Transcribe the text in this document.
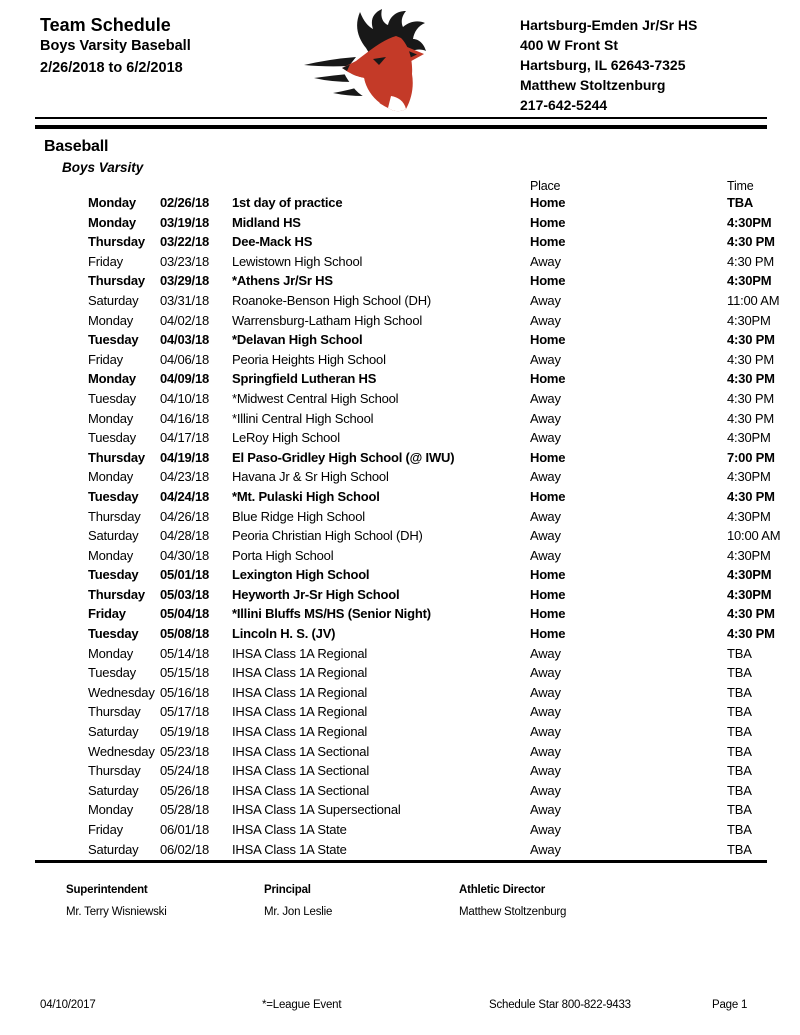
Team Schedule
Boys Varsity Baseball
2/26/2018 to 6/2/2018
Hartsburg-Emden Jr/Sr HS
400 W Front St
Hartsburg, IL 62643-7325
Matthew Stoltzenburg
217-642-5244
Baseball
Boys Varsity
Place	Time
Monday	02/26/18	1st day of practice	Home	TBA
Monday	03/19/18	Midland HS	Home	4:30PM
Thursday	03/22/18	Dee-Mack HS	Home	4:30 PM
Friday	03/23/18	Lewistown High School	Away	4:30 PM
Thursday	03/29/18	*Athens Jr/Sr HS	Home	4:30PM
Saturday	03/31/18	Roanoke-Benson High School (DH)	Away	11:00 AM
Monday	04/02/18	Warrensburg-Latham High School	Away	4:30PM
Tuesday	04/03/18	*Delavan High School	Home	4:30 PM
Friday	04/06/18	Peoria Heights High School	Away	4:30 PM
Monday	04/09/18	Springfield Lutheran HS	Home	4:30 PM
Tuesday	04/10/18	*Midwest Central High School	Away	4:30 PM
Monday	04/16/18	*Illini Central High School	Away	4:30 PM
Tuesday	04/17/18	LeRoy High School	Away	4:30PM
Thursday	04/19/18	El Paso-Gridley High School (@ IWU)	Home	7:00 PM
Monday	04/23/18	Havana Jr & Sr High School	Away	4:30PM
Tuesday	04/24/18	*Mt. Pulaski High School	Home	4:30 PM
Thursday	04/26/18	Blue Ridge High School	Away	4:30PM
Saturday	04/28/18	Peoria Christian High School (DH)	Away	10:00 AM
Monday	04/30/18	Porta High School	Away	4:30PM
Tuesday	05/01/18	Lexington High School	Home	4:30PM
Thursday	05/03/18	Heyworth Jr-Sr High School	Home	4:30PM
Friday	05/04/18	*Illini Bluffs MS/HS (Senior Night)	Home	4:30 PM
Tuesday	05/08/18	Lincoln H. S. (JV)	Home	4:30 PM
Monday	05/14/18	IHSA Class 1A Regional	Away	TBA
Tuesday	05/15/18	IHSA Class 1A Regional	Away	TBA
Wednesday 05/16/18	IHSA Class 1A Regional	Away	TBA
Thursday	05/17/18	IHSA Class 1A Regional	Away	TBA
Saturday	05/19/18	IHSA Class 1A Regional	Away	TBA
Wednesday 05/23/18	IHSA Class 1A Sectional	Away	TBA
Thursday	05/24/18	IHSA Class 1A Sectional	Away	TBA
Saturday	05/26/18	IHSA Class 1A Sectional	Away	TBA
Monday	05/28/18	IHSA Class 1A Supersectional	Away	TBA
Friday	06/01/18	IHSA Class 1A State	Away	TBA
Saturday	06/02/18	IHSA Class 1A State	Away	TBA
Superintendent
Mr. Terry Wisniewski
Principal
Mr. Jon Leslie
Athletic Director
Matthew Stoltzenburg
04/10/2017	*=League Event	Schedule Star 800-822-9433	Page 1
